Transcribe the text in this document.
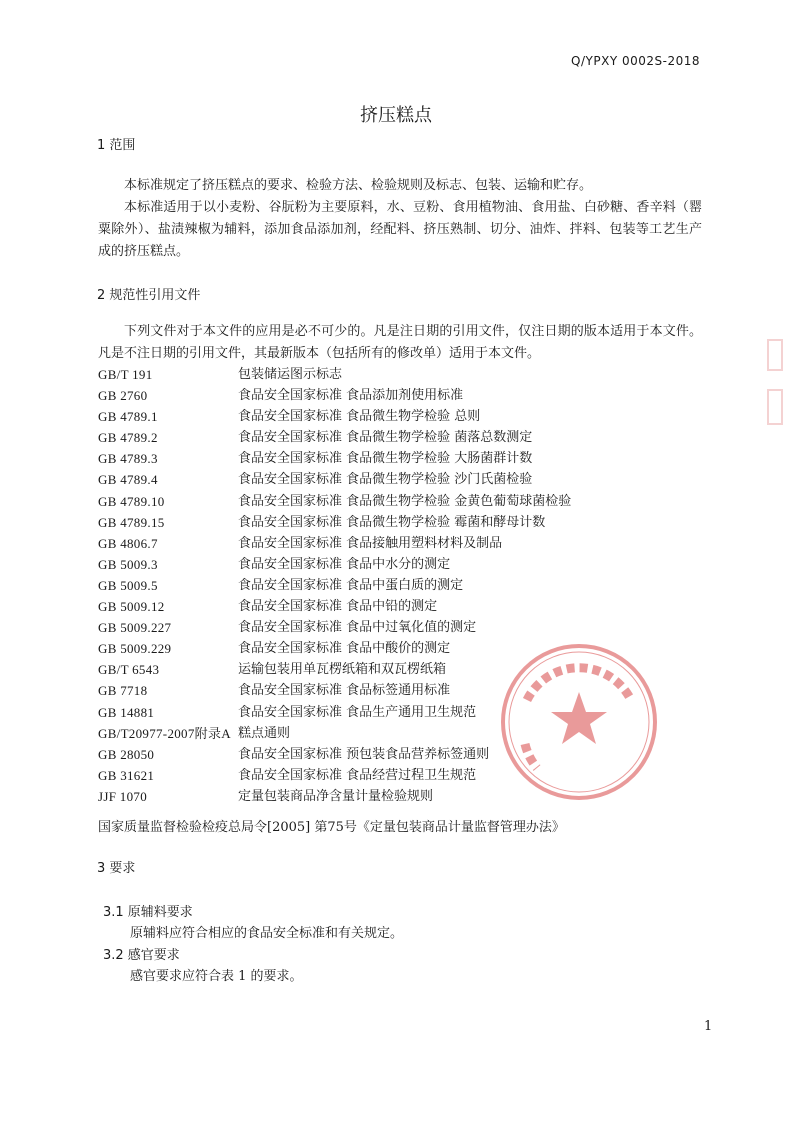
Q/YPXY 0002S-2018
挤压糕点
1 范围

本标准规定了挤压糕点的要求、检验方法、检验规则及标志、包装、运输和贮存。

本标准适用于以小麦粉、谷朊粉为主要原料，水、豆粉、食用植物油、食用盐、白砂糖、香辛料（罂粟除外）、盐渍辣椒为辅料，添加食品添加剂，经配料、挤压熟制、切分、油炸、拌料、包装等工艺生产成的挤压糕点。

2 规范性引用文件

下列文件对于本文件的应用是必不可少的。凡是注日期的引用文件，仅注日期的版本适用于本文件。凡是不注日期的引用文件，其最新版本（包括所有的修改单）适用于本文件。

GB/T 191	包装储运图示标志
GB 2760	食品安全国家标准 食品添加剂使用标准
GB 4789.1	食品安全国家标准 食品微生物学检验 总则
GB 4789.2	食品安全国家标准 食品微生物学检验 菌落总数测定
GB 4789.3	食品安全国家标准 食品微生物学检验 大肠菌群计数
GB 4789.4	食品安全国家标准 食品微生物学检验 沙门氏菌检验
GB 4789.10	食品安全国家标准 食品微生物学检验 金黄色葡萄球菌检验
GB 4789.15	食品安全国家标准 食品微生物学检验 霉菌和酵母计数
GB 4806.7	食品安全国家标准 食品接触用塑料材料及制品
GB 5009.3	食品安全国家标准 食品中水分的测定
GB 5009.5	食品安全国家标准 食品中蛋白质的测定
GB 5009.12	食品安全国家标准 食品中铅的测定
GB 5009.227	食品安全国家标准 食品中过氧化值的测定
GB 5009.229	食品安全国家标准 食品中酸价的测定
GB/T 6543	运输包装用单瓦楞纸箱和双瓦楞纸箱
GB 7718	食品安全国家标准 食品标签通用标准
GB 14881	食品安全国家标准 食品生产通用卫生规范
GB/T20977-2007附录A 糕点通则
GB 28050	食品安全国家标准 预包装食品营养标签通则
GB 31621	食品安全国家标准 食品经营过程卫生规范
JJF 1070	定量包装商品净含量计量检验规则
国家质量监督检验检疫总局令[2005] 第75号《定量包装商品计量监督管理办法》
3 要求
3.1 原辅料要求
原辅料应符合相应的食品安全标准和有关规定。
3.2 感官要求
感官要求应符合表 1 的要求。
1
